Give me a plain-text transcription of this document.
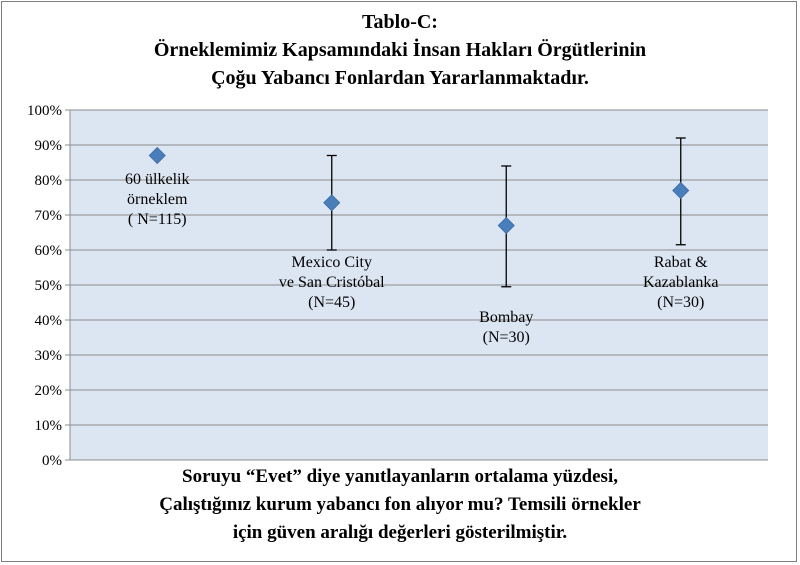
Tablo-C:
Örneklemimiz Kapsamındaki İnsan Hakları Örgütlerinin
Çoğu Yabancı Fonlardan Yararlanmaktadır.
0%
10%
20%
30%
40%
50%
60%
70%
80%
90%
100%
60 ülkelik
örneklem
( N=115)
Mexico City
ve San Cristóbal
(N=45)
Bombay
(N=30)
Rabat &
Kazablanka
(N=30)
Soruyu “Evet” diye yanıtlayanların ortalama yüzdesi,
Çalıştığınız kurum yabancı fon alıyor mu? Temsili örnekler
için güven aralığı değerleri gösterilmiştir.
